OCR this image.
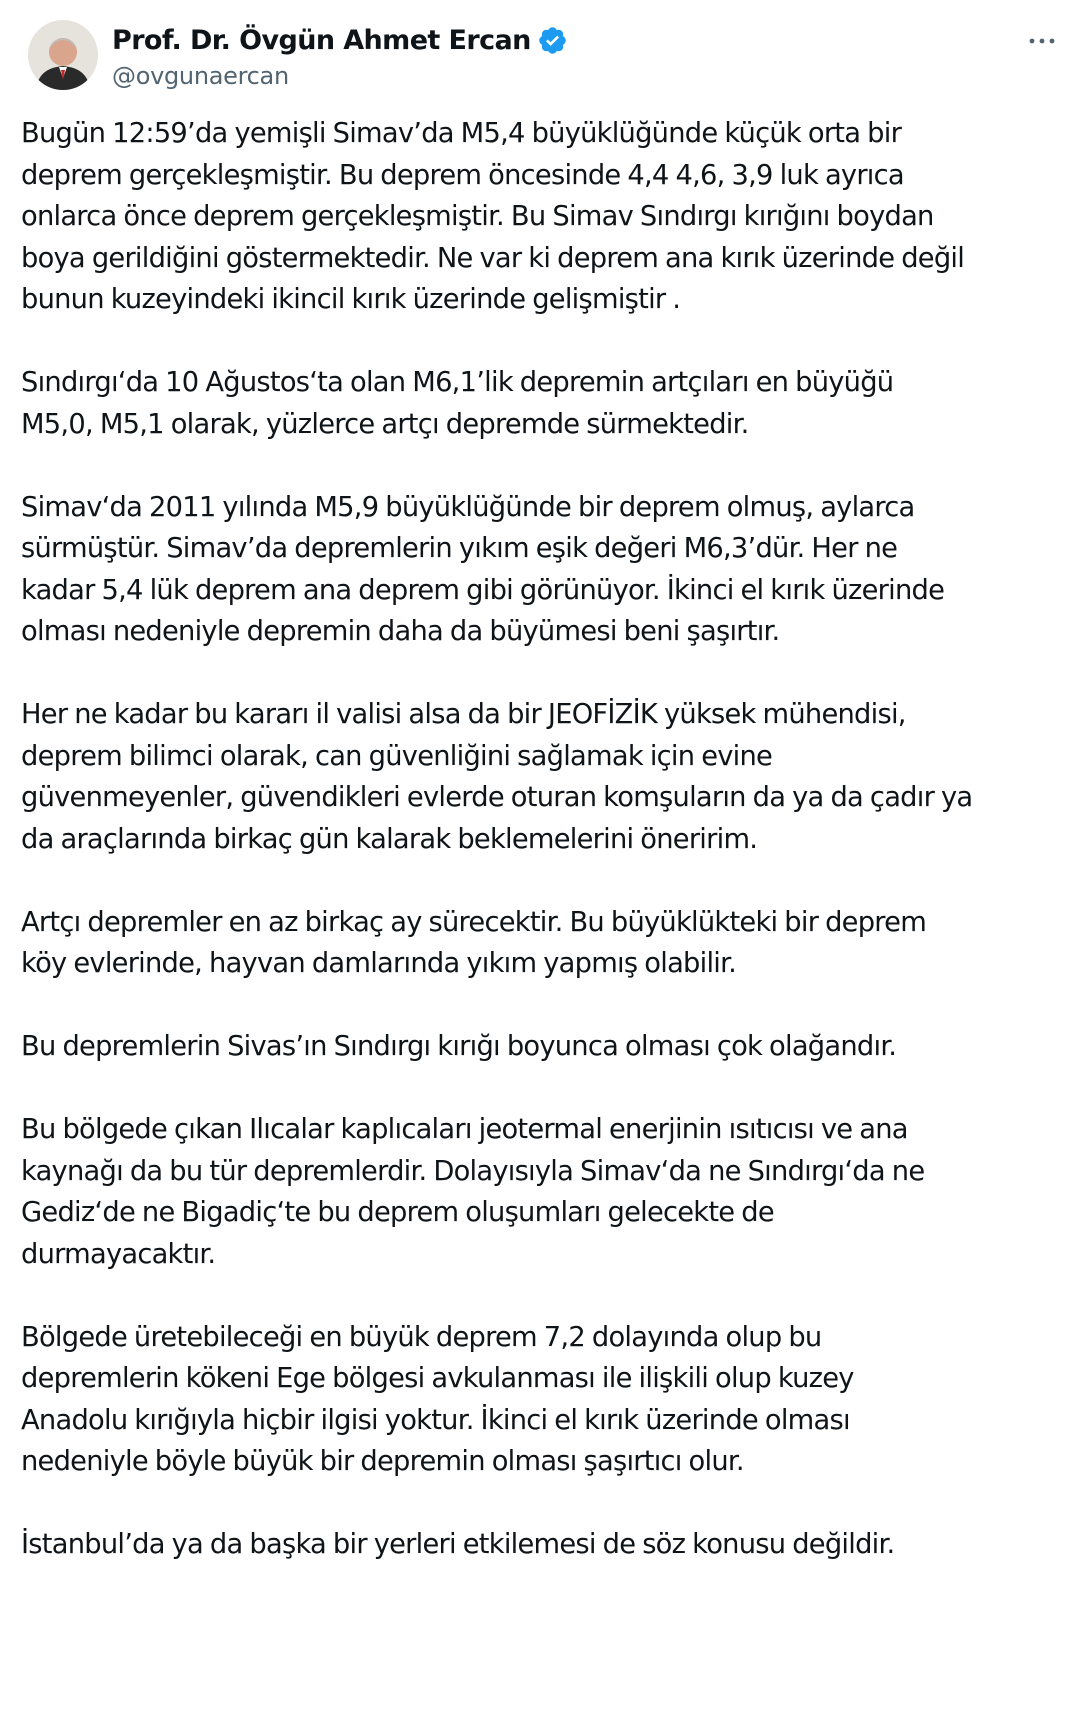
Prof. Dr. Övgün Ahmet Ercan
@ovgunaercan

Bugün 12:59’da yemişli Simav’da M5,4 büyüklüğünde küçük orta bir
deprem gerçekleşmiştir. Bu deprem öncesinde 4,4 4,6, 3,9 luk ayrıca
onlarca önce deprem gerçekleşmiştir. Bu Simav Sındırgı kırığını boydan
boya gerildiğini göstermektedir. Ne var ki deprem ana kırık üzerinde değil
bunun kuzeyindeki ikincil kırık üzerinde gelişmiştir .

Sındırgı‘da 10 Ağustos‘ta olan M6,1’lik depremin artçıları en büyüğü
M5,0, M5,1 olarak, yüzlerce artçı depremde sürmektedir.

Simav‘da 2011 yılında M5,9 büyüklüğünde bir deprem olmuş, aylarca
sürmüştür. Simav’da depremlerin yıkım eşik değeri M6,3’dür. Her ne
kadar 5,4 lük deprem ana deprem gibi görünüyor. İkinci el kırık üzerinde
olması nedeniyle depremin daha da büyümesi beni şaşırtır.

Her ne kadar bu kararı il valisi alsa da bir JEOFİZİK yüksek mühendisi,
deprem bilimci olarak, can güvenliğini sağlamak için evine
güvenmeyenler, güvendikleri evlerde oturan komşuların da ya da çadır ya
da araçlarında birkaç gün kalarak beklemelerini öneririm.

Artçı depremler en az birkaç ay sürecektir. Bu büyüklükteki bir deprem
köy evlerinde, hayvan damlarında yıkım yapmış olabilir.

Bu depremlerin Sivas’ın Sındırgı kırığı boyunca olması çok olağandır.

Bu bölgede çıkan Ilıcalar kaplıcaları jeotermal enerjinin ısıtıcısı ve ana
kaynağı da bu tür depremlerdir. Dolayısıyla Simav‘da ne Sındırgı‘da ne
Gediz‘de ne Bigadiç‘te bu deprem oluşumları gelecekte de
durmayacaktır.

Bölgede üretebileceği en büyük deprem 7,2 dolayında olup bu
depremlerin kökeni Ege bölgesi avkulanması ile ilişkili olup kuzey
Anadolu kırığıyla hiçbir ilgisi yoktur. İkinci el kırık üzerinde olması
nedeniyle böyle büyük bir depremin olması şaşırtıcı olur.

İstanbul’da ya da başka bir yerleri etkilemesi de söz konusu değildir.
